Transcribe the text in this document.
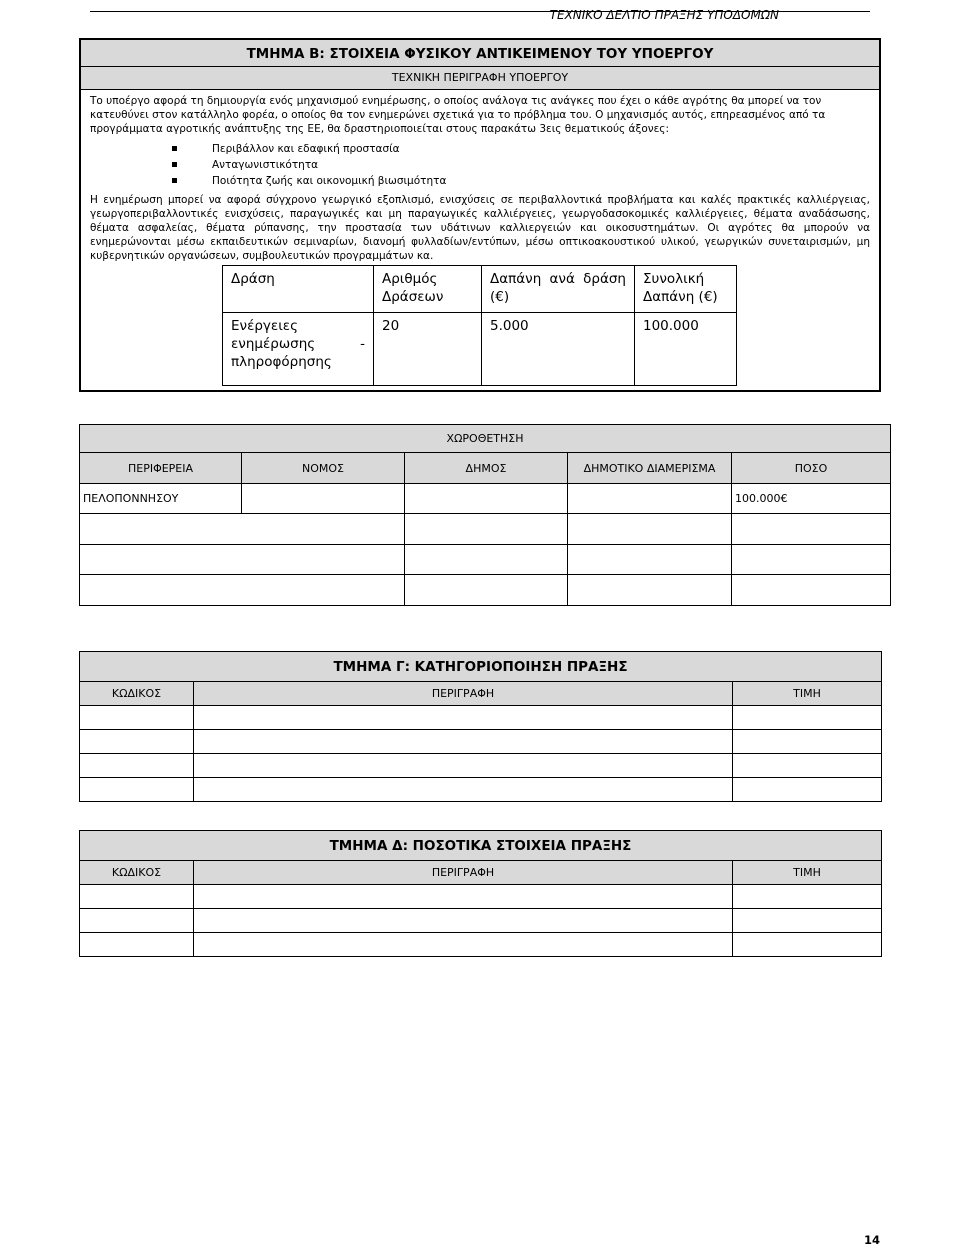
ΤΕΧΝΙΚΟ ΔΕΛΤΙΟ ΠΡΑΞΗΣ ΥΠΟΔΟΜΩΝ
ΤΜΗΜΑ Β: ΣΤΟΙΧΕΙΑ ΦΥΣΙΚΟΥ ΑΝΤΙΚΕΙΜΕΝΟΥ ΤΟΥ ΥΠΟΕΡΓΟΥ
ΤΕΧΝΙΚΗ ΠΕΡΙΓΡΑΦΗ ΥΠΟΕΡΓΟΥ
Το υποέργο αφορά τη δημιουργία ενός μηχανισμού ενημέρωσης, ο οποίος ανάλογα τις ανάγκες που έχει ο κάθε αγρότης θα μπορεί να τον κατευθύνει στον κατάλληλο φορέα, ο οποίος θα τον ενημερώνει σχετικά για το πρόβλημα του. Ο μηχανισμός αυτός, επηρεασμένος από τα προγράμματα αγροτικής ανάπτυξης της ΕΕ, θα δραστηριοποιείται στους παρακάτω 3εις θεματικούς άξονες:
Περιβάλλον και εδαφική προστασία
Ανταγωνιστικότητα
Ποιότητα ζωής και οικονομική βιωσιμότητα
Η ενημέρωση μπορεί να αφορά σύγχρονο γεωργικό εξοπλισμό, ενισχύσεις σε περιβαλλοντικά προβλήματα και καλές πρακτικές καλλιέργειας, γεωργοπεριβαλλοντικές ενισχύσεις, παραγωγικές και μη παραγωγικές καλλιέργειες, γεωργοδασοκομικές καλλιέργειες, θέματα αναδάσωσης, θέματα ασφαλείας, θέματα ρύπανσης, την προστασία των υδάτινων καλλιεργειών και οικοσυστημάτων. Οι αγρότες θα μπορούν να ενημερώνονται μέσω εκπαιδευτικών σεμιναρίων, διανομή φυλλαδίων/εντύπων, μέσω οπτικοακουστικού υλικού, γεωργικών συνεταιρισμών, μη κυβερνητικών οργανώσεων, συμβουλευτικών προγραμμάτων κα.
Δράση	Αριθμός Δράσεων	Δαπάνη ανά δράση (€)	Συνολική Δαπάνη (€)
Ενέργειες ενημέρωσης - πληροφόρησης	20	5.000	100.000
ΧΩΡΟΘΕΤΗΣΗ				
ΠΕΡΙΦΕΡΕΙΑ	ΝΟΜΟΣ	ΔΗΜΟΣ	ΔΗΜΟΤΙΚΟ ΔΙΑΜΕΡΙΣΜΑ	ΠΟΣΟ
ΠΕΛΟΠΟΝΝΗΣΟΥ				100.000€

ΤΜΗΜΑ Γ: ΚΑΤΗΓΟΡΙΟΠΟΙΗΣΗ ΠΡΑΞΗΣ		
ΚΩΔΙΚΟΣ	ΠΕΡΙΓΡΑΦΗ	ΤΙΜΗ

ΤΜΗΜΑ Δ: ΠΟΣΟΤΙΚΑ ΣΤΟΙΧΕΙΑ ΠΡΑΞΗΣ		
ΚΩΔΙΚΟΣ	ΠΕΡΙΓΡΑΦΗ	ΤΙΜΗ

14
